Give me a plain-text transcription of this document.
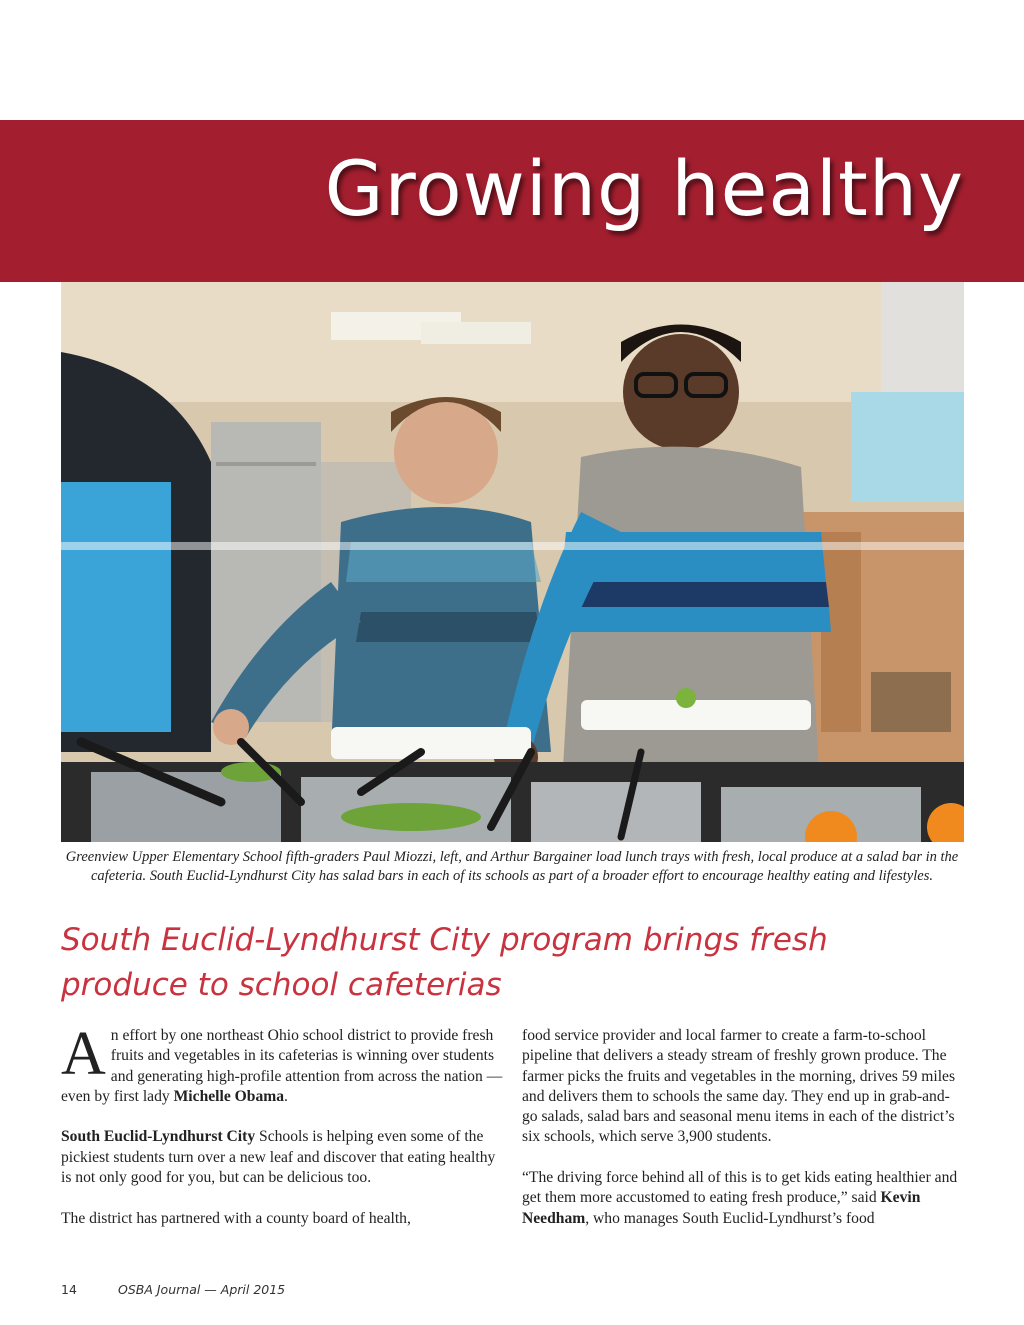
Growing healthy
Greenview Upper Elementary School fifth-graders Paul Miozzi, left, and Arthur Bargainer load lunch trays with fresh, local produce at a salad bar in the cafeteria. South Euclid-Lyndhurst City has salad bars in each of its schools as part of a broader effort to encourage healthy eating and lifestyles.
South Euclid-Lyndhurst City program brings fresh produce to school cafeterias

An effort by one northeast Ohio school district to provide fresh fruits and vegetables in its cafeterias is winning over students and generating high-profile attention from across the nation — even by first lady Michelle Obama.

South Euclid-Lyndhurst City Schools is helping even some of the pickiest students turn over a new leaf and discover that eating healthy is not only good for you, but can be delicious too.

The district has partnered with a county board of health,

food service provider and local farmer to create a farm-to-school pipeline that delivers a steady stream of freshly grown produce. The farmer picks the fruits and vegetables in the morning, drives 59 miles and delivers them to schools the same day. They end up in grab-and-go salads, salad bars and seasonal menu items in each of the district’s six schools, which serve 3,900 students.

“The driving force behind all of this is to get kids eating healthier and get them more accustomed to eating fresh produce,” said Kevin Needham, who manages South Euclid-Lyndhurst’s food

14	OSBA Journal — April 2015
